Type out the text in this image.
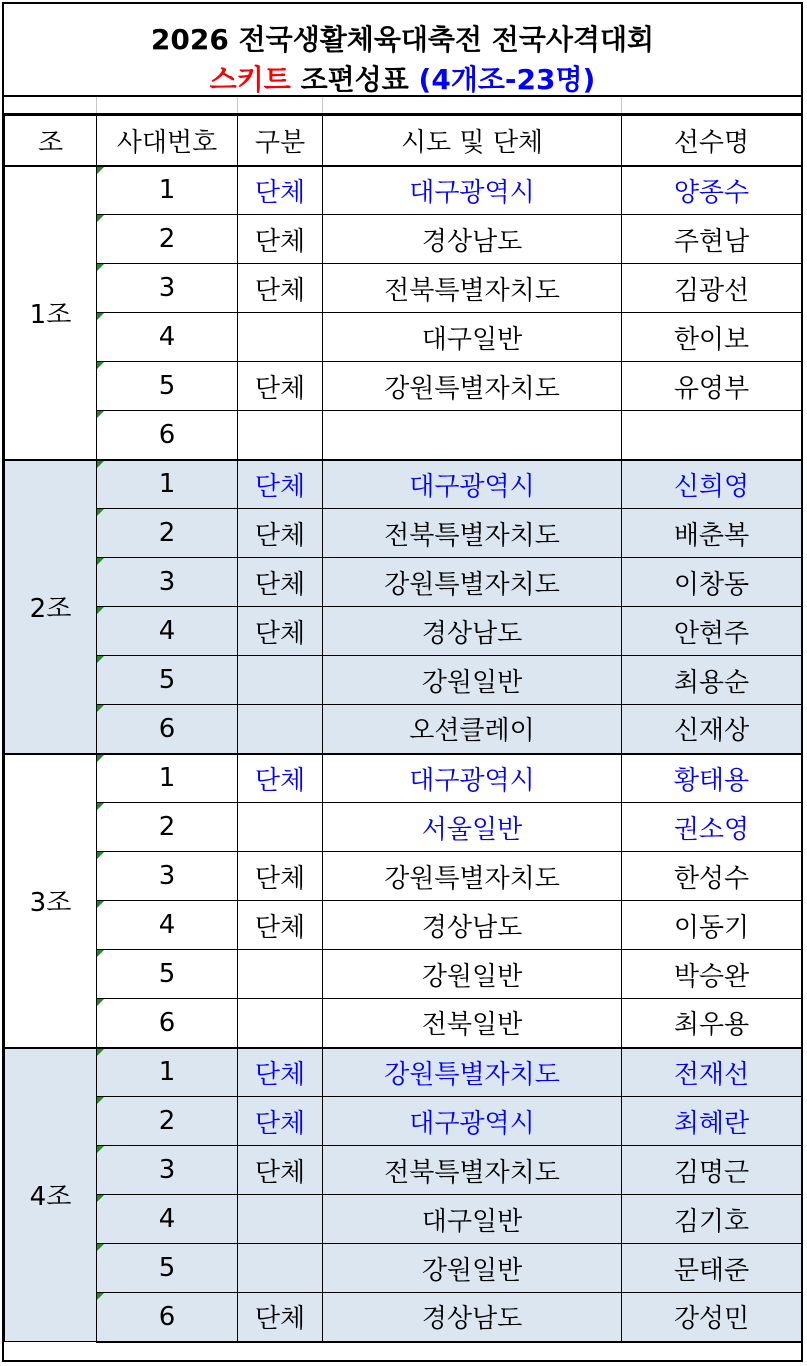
2026 전국생활체육대축전 전국사격대회
스키트 조편성표 (4개조-23명)
조	사대번호	구분	시도 및 단체	선수명
1조	1	단체	대구광역시	양종수

2	단체	경상남도	주현남

3	단체	전북특별자치도	김광선

4		대구일반	한이보

5	단체	강원특별자치도	유영부

6			
2조	1	단체	대구광역시	신희영

2	단체	전북특별자치도	배춘복

3	단체	강원특별자치도	이창동

4	단체	경상남도	안현주

5		강원일반	최용순

6		오션클레이	신재상
3조	1	단체	대구광역시	황태용

2		서울일반	권소영

3	단체	강원특별자치도	한성수

4	단체	경상남도	이동기

5		강원일반	박승완

6		전북일반	최우용
4조	1	단체	강원특별자치도	전재선

2	단체	대구광역시	최혜란

3	단체	전북특별자치도	김명근

4		대구일반	김기호

5		강원일반	문태준

6	단체	경상남도	강성민
